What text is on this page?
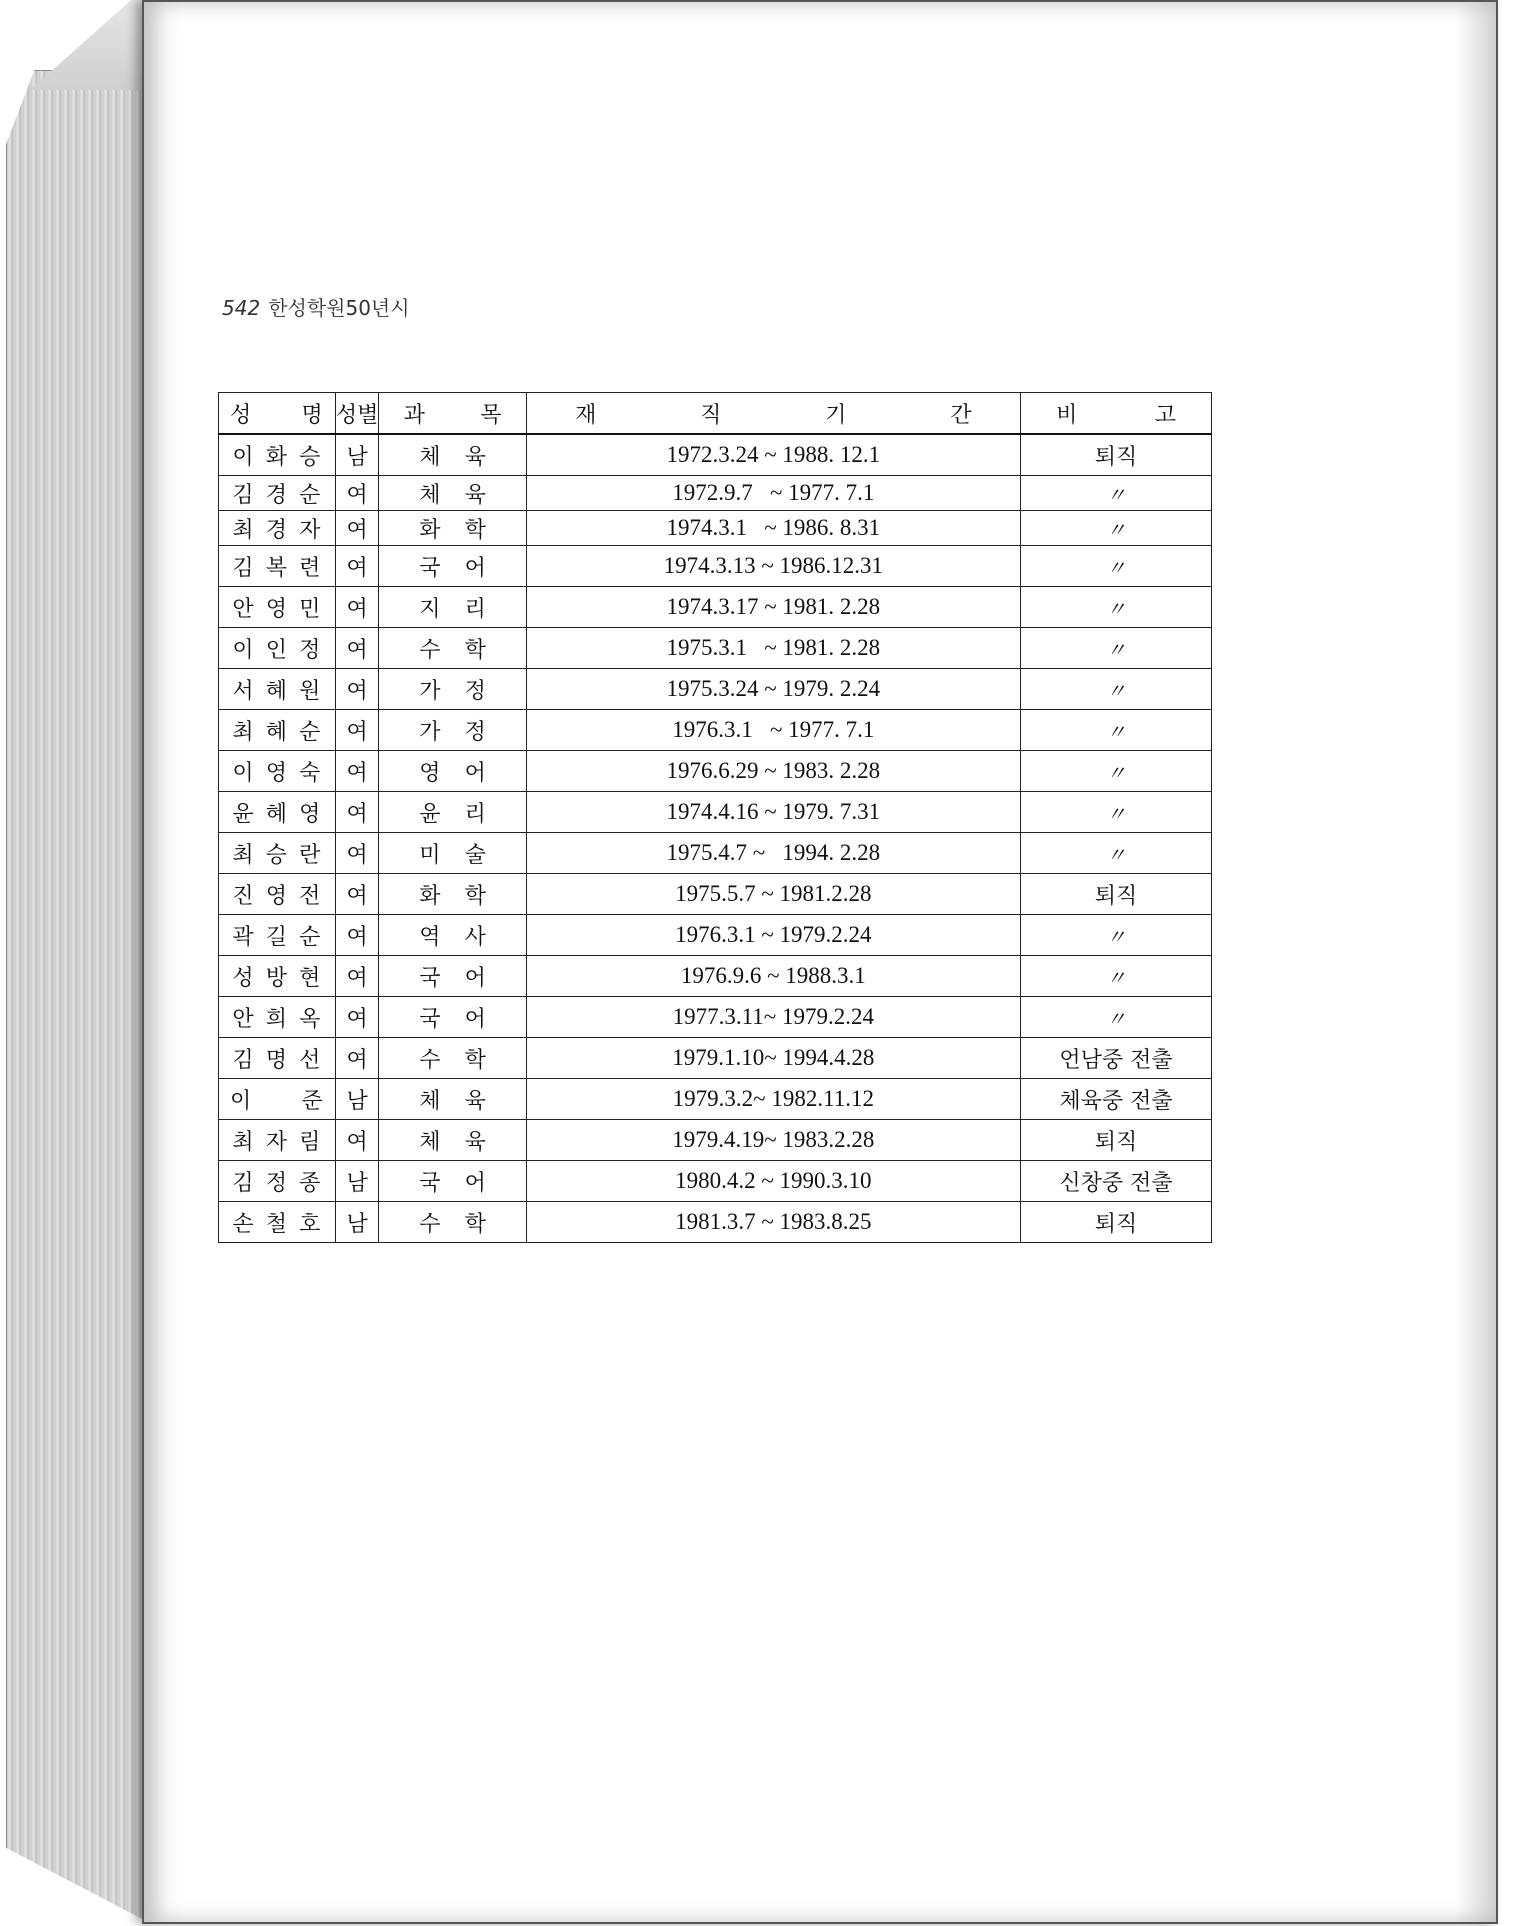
542 한성학원50년시
성  명	성별	과 목	재 직 기 간	비 고
이화승	남	체육	1972.3.24 ~ 1988. 12.1	퇴직
김경순	여	체육	1972.9.7   ~ 1977. 7.1	〃
최경자	여	화학	1974.3.1   ~ 1986. 8.31	〃
김복련	여	국어	1974.3.13 ~ 1986.12.31	〃
안영민	여	지리	1974.3.17 ~ 1981. 2.28	〃
이인정	여	수학	1975.3.1   ~ 1981. 2.28	〃
서혜원	여	가정	1975.3.24 ~ 1979. 2.24	〃
최혜순	여	가정	1976.3.1   ~ 1977. 7.1	〃
이영숙	여	영어	1976.6.29 ~ 1983. 2.28	〃
윤혜영	여	윤리	1974.4.16 ~ 1979. 7.31	〃
최승란	여	미술	1975.4.7 ~   1994. 2.28	〃
진영전	여	화학	1975.5.7 ~ 1981.2.28	퇴직
곽길순	여	역사	1976.3.1 ~ 1979.2.24	〃
성방현	여	국어	1976.9.6 ~ 1988.3.1	〃
안희옥	여	국어	1977.3.11~ 1979.2.24	〃
김명선	여	수학	1979.1.10~ 1994.4.28	언남중 전출
이  준	남	체육	1979.3.2~ 1982.11.12	체육중 전출
최자림	여	체육	1979.4.19~ 1983.2.28	퇴직
김정종	남	국어	1980.4.2 ~ 1990.3.10	신창중 전출
손철호	남	수학	1981.3.7 ~ 1983.8.25	퇴직
